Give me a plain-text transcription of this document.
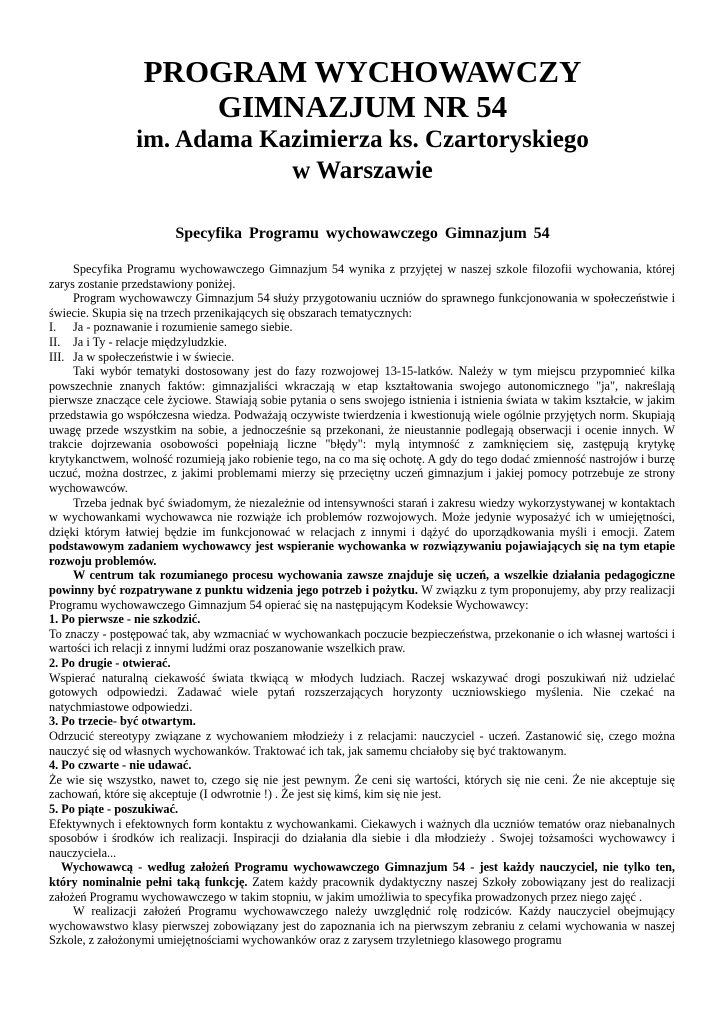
PROGRAM WYCHOWAWCZY
GIMNAZJUM NR 54
im. Adama Kazimierza ks. Czartoryskiego
w Warszawie
Specyfika Programu wychowawczego Gimnazjum 54

Specyfika Programu wychowawczego Gimnazjum 54 wynika z przyjętej w naszej szkole filozofii wychowania, której zarys zostanie przedstawiony poniżej.

Program wychowawczy Gimnazjum 54 służy przygotowaniu uczniów do sprawnego funkcjonowania w społeczeństwie i świecie. Skupia się na trzech przenikających się obszarach tematycznych:

I. Ja - poznawanie i rozumienie samego siebie.

II. Ja i Ty - relacje międzyludzkie.

III. Ja w społeczeństwie i w świecie.

Taki wybór tematyki dostosowany jest do fazy rozwojowej 13-15-latków. Należy w tym miejscu przypomnieć kilka powszechnie znanych faktów: gimnazjaliści wkraczają w etap kształtowania swojego autonomicznego "ja", nakreślają pierwsze znaczące cele życiowe. Stawiają sobie pytania o sens swojego istnienia i istnienia świata w takim kształcie, w jakim przedstawia go współczesna wiedza. Podważają oczywiste twierdzenia i kwestionują wiele ogólnie przyjętych norm. Skupiają uwagę przede wszystkim na sobie, a jednocześnie są przekonani, że nieustannie podlegają obserwacji i ocenie innych. W trakcie dojrzewania osobowości popełniają liczne "błędy": mylą intymność z zamknięciem się, zastępują krytykę krytykanctwem, wolność rozumieją jako robienie tego, na co ma się ochotę. A gdy do tego dodać zmienność nastrojów i burzę uczuć, można dostrzec, z jakimi problemami mierzy się przeciętny uczeń gimnazjum i jakiej pomocy potrzebuje ze strony wychowawców.

Trzeba jednak być świadomym, że niezależnie od intensywności starań i zakresu wiedzy wykorzystywanej w kontaktach w wychowankami wychowawca nie rozwiąże ich problemów rozwojowych. Może jedynie wyposażyć ich w umiejętności, dzięki którym łatwiej będzie im funkcjonować w relacjach z innymi i dążyć do uporządkowania myśli i emocji. Zatem podstawowym zadaniem wychowawcy jest wspieranie wychowanka w rozwiązywaniu pojawiających się na tym etapie rozwoju problemów.

W centrum tak rozumianego procesu wychowania zawsze znajduje się uczeń, a wszelkie działania pedagogiczne powinny być rozpatrywane z punktu widzenia jego potrzeb i pożytku. W związku z tym proponujemy, aby przy realizacji Programu wychowawczego Gimnazjum 54 opierać się na następującym Kodeksie Wychowawcy:

1. Po pierwsze - nie szkodzić.

To znaczy - postępować tak, aby wzmacniać w wychowankach poczucie bezpieczeństwa, przekonanie o ich własnej wartości i wartości ich relacji z innymi ludźmi oraz poszanowanie wszelkich praw.

2. Po drugie - otwierać.

Wspierać naturalną ciekawość świata tkwiącą w młodych ludziach. Raczej wskazywać drogi poszukiwań niż udzielać gotowych odpowiedzi. Zadawać wiele pytań rozszerzających horyzonty uczniowskiego myślenia. Nie czekać na natychmiastowe odpowiedzi.

3. Po trzecie- być otwartym.

Odrzucić stereotypy związane z wychowaniem młodzieży i z relacjami: nauczyciel - uczeń. Zastanowić się, czego można nauczyć się od własnych wychowanków. Traktować ich tak, jak samemu chciałoby się być traktowanym.

4. Po czwarte - nie udawać.

Że wie się wszystko, nawet to, czego się nie jest pewnym. Że ceni się wartości, których się nie ceni. Że nie akceptuje się zachowań, które się akceptuje (I odwrotnie !) . Że jest się kimś, kim się nie jest.

5. Po piąte - poszukiwać.

Efektywnych i efektownych form kontaktu z wychowankami. Ciekawych i ważnych dla uczniów tematów oraz niebanalnych sposobów i środków ich realizacji. Inspiracji do działania dla siebie i dla młodzieży . Swojej tożsamości wychowawcy i nauczyciela...

Wychowawcą - według założeń Programu wychowawczego Gimnazjum 54 - jest każdy nauczyciel, nie tylko ten, który nominalnie pełni taką funkcję. Zatem każdy pracownik dydaktyczny naszej Szkoły zobowiązany jest do realizacji założeń Programu wychowawczego w takim stopniu, w jakim umożliwia to specyfika prowadzonych przez niego zajęć .

W realizacji założeń Programu wychowawczego należy uwzględnić rolę rodziców. Każdy nauczyciel obejmujący wychowawstwo klasy pierwszej zobowiązany jest do zapoznania ich na pierwszym zebraniu z celami wychowania w naszej Szkole, z założonymi umiejętnościami wychowanków oraz z zarysem trzyletniego klasowego programu
